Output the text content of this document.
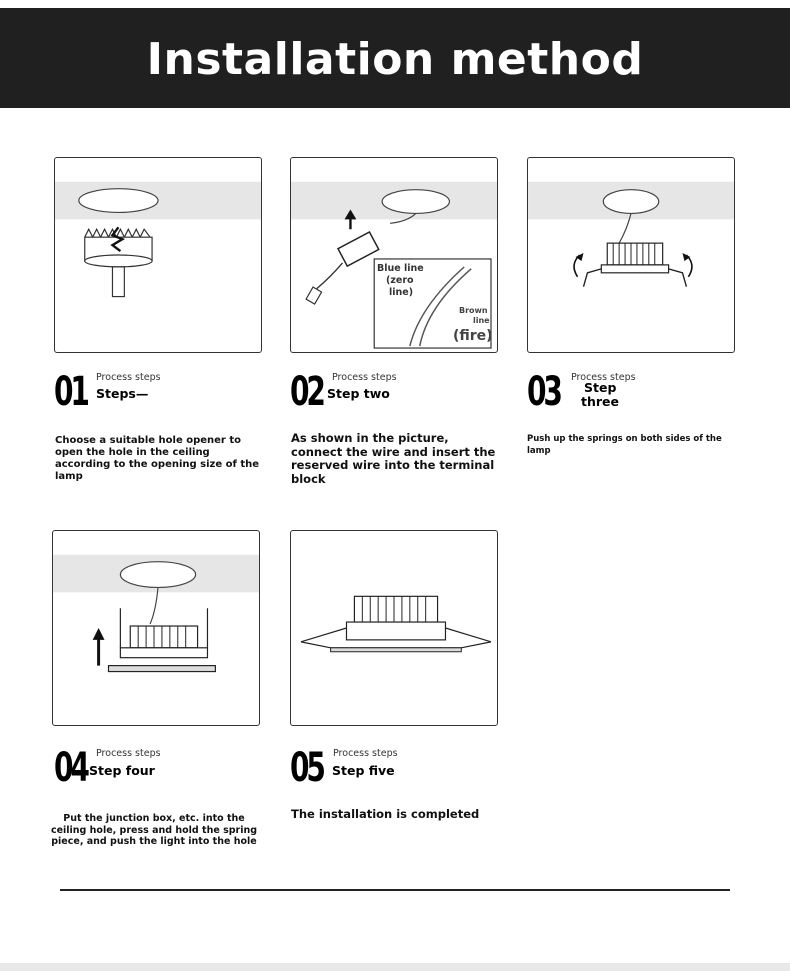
Installation method
01 Process steps
Steps—
Choose a suitable hole opener to open the hole in the ceiling according to the opening size of the lamp
Blue line
(zero
line)
Brown
line
(fire)
02 Process steps
Step two
As shown in the picture, connect the wire and insert the reserved wire into the terminal block
03 Process steps
Step
three
Push up the springs on both sides of the lamp
04 Process steps
Step four
Put the junction box, etc. into the ceiling hole, press and hold the spring piece, and push the light into the hole
05 Process steps
Step five
The installation is completed
